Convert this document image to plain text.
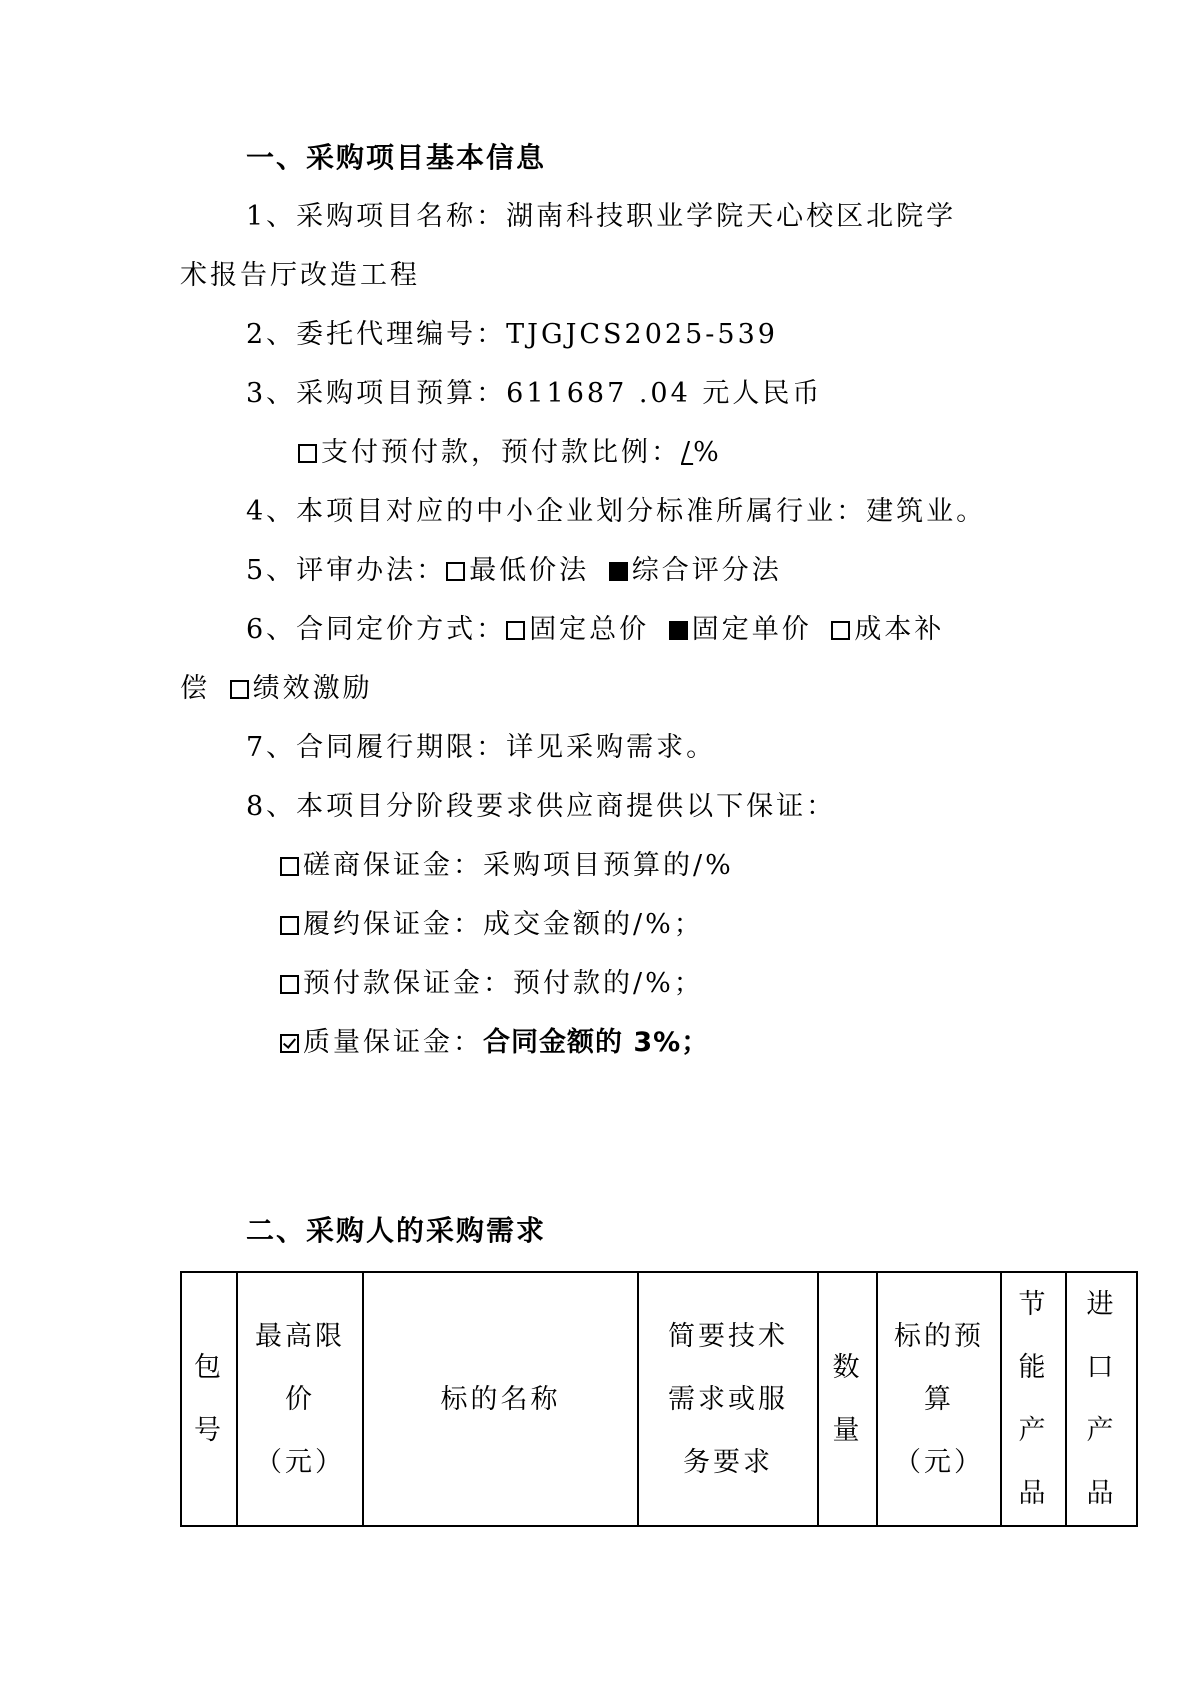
一、采购项目基本信息
1、采购项目名称：湖南科技职业学院天心校区北院学
术报告厅改造工程
2、委托代理编号：TJGJCS2025-539
3、采购项目预算：611687 .04 元人民币
支付预付款，预付款比例：/%
4、本项目对应的中小企业划分标准所属行业：建筑业。
5、评审办法： 最低价法 综合评分法
6、合同定价方式： 固定总价 固定单价 成本补
偿 绩效激励
7、合同履行期限：详见采购需求。
8、本项目分阶段要求供应商提供以下保证：
磋商保证金：采购项目预算的/%
履约保证金：成交金额的/%；
预付款保证金：预付款的/%；
质量保证金：合同金额的 3%；
二、采购人的采购需求
包号	最高限价（元）	标的名称	简要技术需求或服务要求	数量	标的预算（元）	节能产品	进口产品
